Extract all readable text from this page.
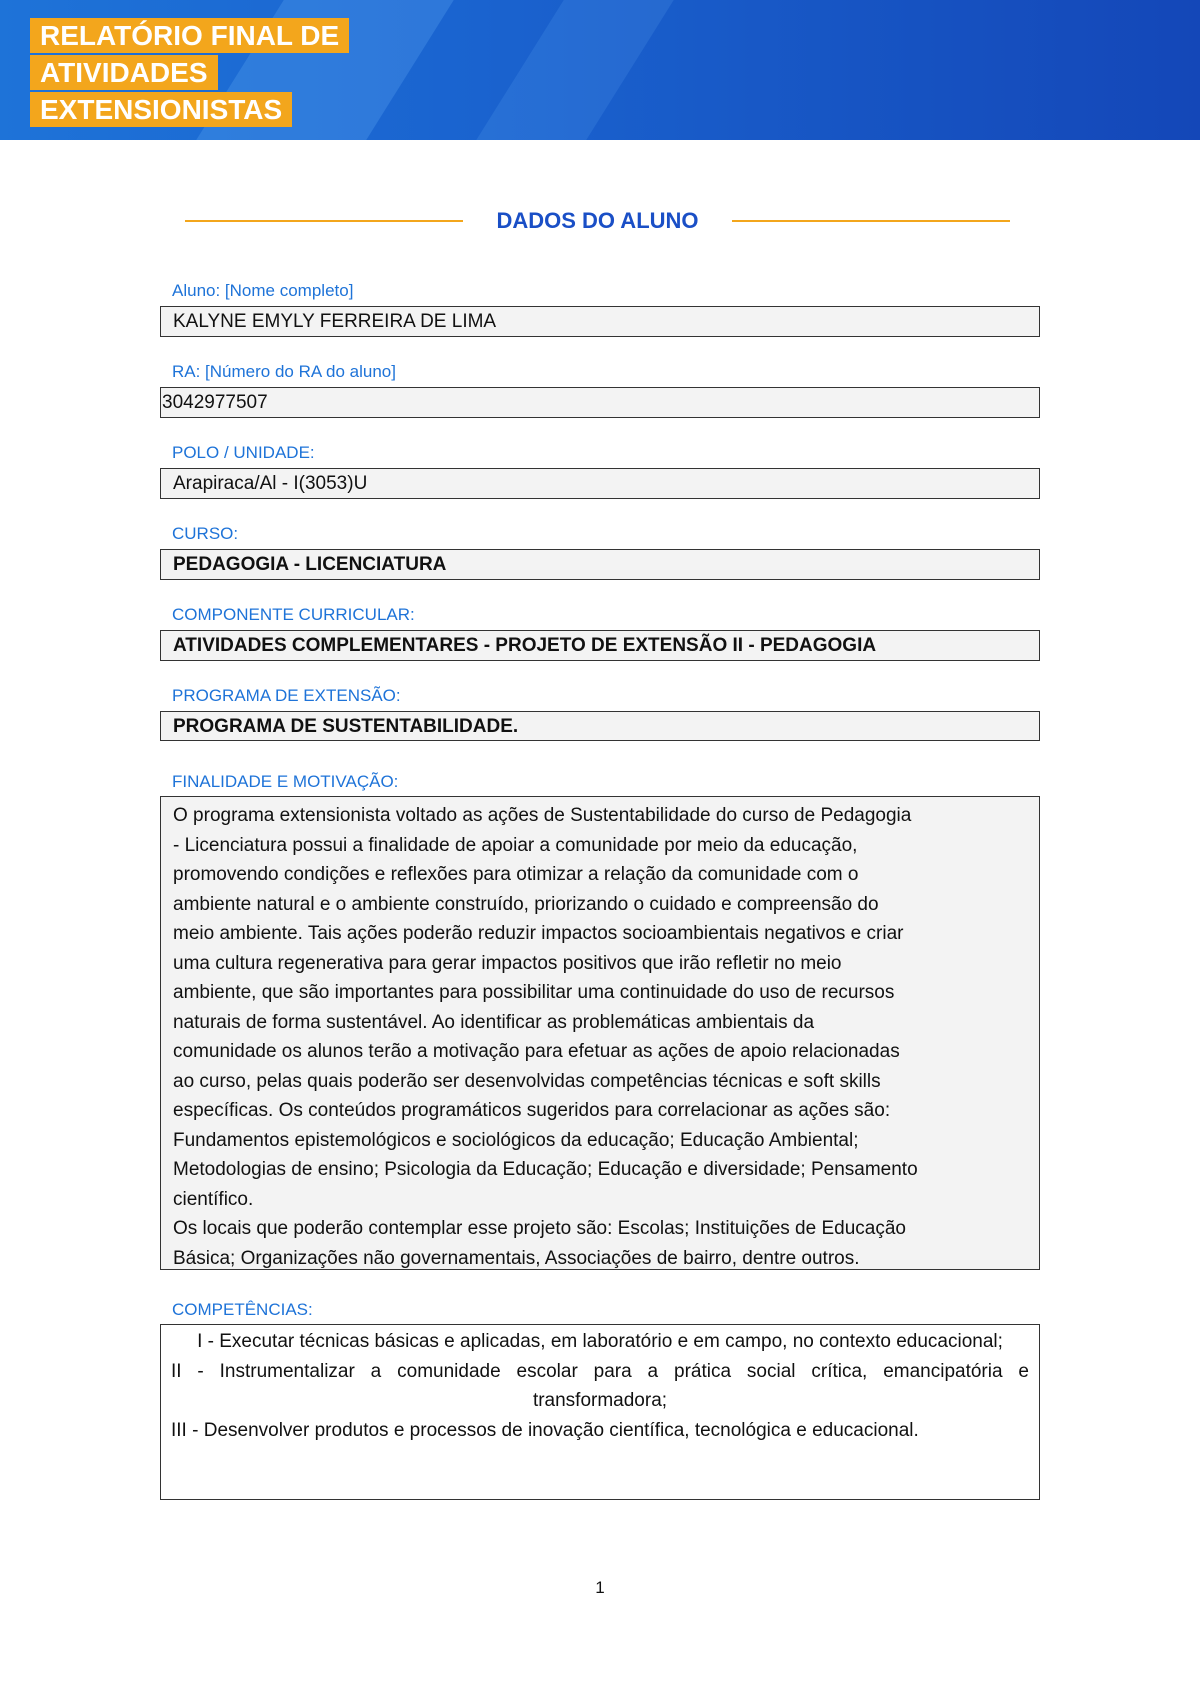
RELATÓRIO FINAL DE
ATIVIDADES
EXTENSIONISTAS
DADOS DO ALUNO
Aluno: [Nome completo]
KALYNE EMYLY FERREIRA DE LIMA
RA: [Número do RA do aluno]
3042977507
POLO / UNIDADE:
Arapiraca/Al - I(3053)U
CURSO:
PEDAGOGIA - LICENCIATURA
COMPONENTE CURRICULAR:
ATIVIDADES COMPLEMENTARES - PROJETO DE EXTENSÃO II - PEDAGOGIA
PROGRAMA DE EXTENSÃO:
PROGRAMA DE SUSTENTABILIDADE.
FINALIDADE E MOTIVAÇÃO:
O programa extensionista voltado as ações de Sustentabilidade do curso de Pedagogia
- Licenciatura possui a finalidade de apoiar a comunidade por meio da educação,
promovendo condições e reflexões para otimizar a relação da comunidade com o
ambiente natural e o ambiente construído, priorizando o cuidado e compreensão do
meio ambiente. Tais ações poderão reduzir impactos socioambientais negativos e criar
uma cultura regenerativa para gerar impactos positivos que irão refletir no meio
ambiente, que são importantes para possibilitar uma continuidade do uso de recursos
naturais de forma sustentável. Ao identificar as problemáticas ambientais da
comunidade os alunos terão a motivação para efetuar as ações de apoio relacionadas
ao curso, pelas quais poderão ser desenvolvidas competências técnicas e soft skills
específicas. Os conteúdos programáticos sugeridos para correlacionar as ações são:
Fundamentos epistemológicos e sociológicos da educação; Educação Ambiental;
Metodologias de ensino; Psicologia da Educação; Educação e diversidade; Pensamento
científico.
Os locais que poderão contemplar esse projeto são: Escolas; Instituições de Educação
Básica; Organizações não governamentais, Associações de bairro, dentre outros.
COMPETÊNCIAS:

I - Executar técnicas básicas e aplicadas, em laboratório e em campo, no contexto educacional;

II - Instrumentalizar a comunidade escolar para a prática social crítica, emancipatória e transformadora;

III - Desenvolver produtos e processos de inovação científica, tecnológica e educacional.

1
